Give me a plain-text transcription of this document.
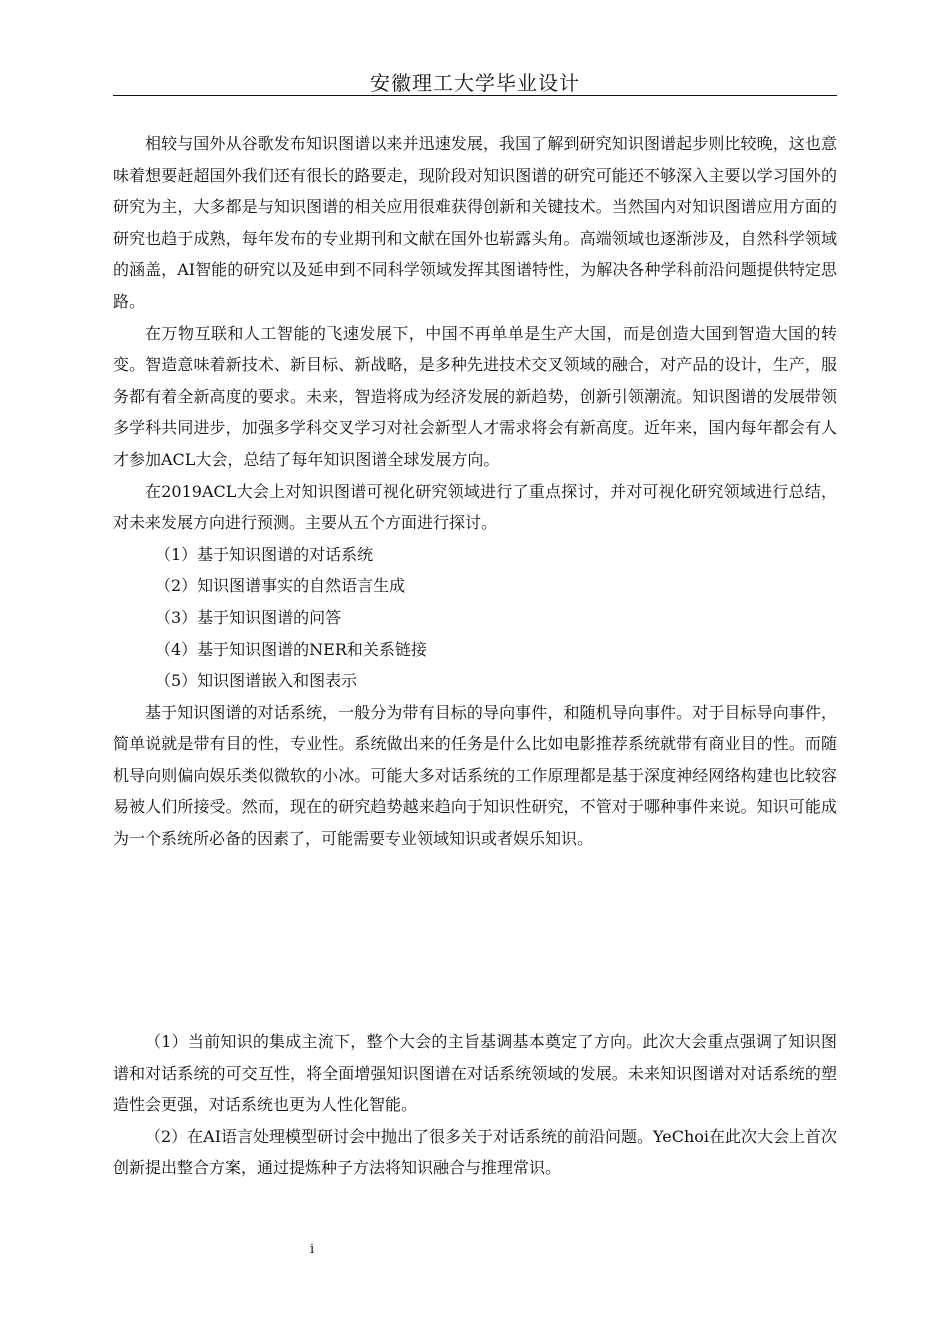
安徽理工大学毕业设计

相较与国外从谷歌发布知识图谱以来并迅速发展，我国了解到研究知识图谱起步则比较晚，这也意味着想要赶超国外我们还有很长的路要走，现阶段对知识图谱的研究可能还不够深入主要以学习国外的研究为主，大多都是与知识图谱的相关应用很难获得创新和关键技术。当然国内对知识图谱应用方面的研究也趋于成熟，每年发布的专业期刊和文献在国外也崭露头角。高端领域也逐渐涉及，自然科学领域的涵盖，AI智能的研究以及延申到不同科学领域发挥其图谱特性，为解决各种学科前沿问题提供特定思路。

在万物互联和人工智能的飞速发展下，中国不再单单是生产大国，而是创造大国到智造大国的转变。智造意味着新技术、新目标、新战略，是多种先进技术交叉领域的融合，对产品的设计，生产，服务都有着全新高度的要求。未来，智造将成为经济发展的新趋势，创新引领潮流。知识图谱的发展带领多学科共同进步，加强多学科交叉学习对社会新型人才需求将会有新高度。近年来，国内每年都会有人才参加ACL大会，总结了每年知识图谱全球发展方向。

在2019ACL大会上对知识图谱可视化研究领域进行了重点探讨，并对可视化研究领域进行总结，对未来发展方向进行预测。主要从五个方面进行探讨。

（1）基于知识图谱的对话系统

（2）知识图谱事实的自然语言生成

（3）基于知识图谱的问答

（4）基于知识图谱的NER和关系链接

（5）知识图谱嵌入和图表示

基于知识图谱的对话系统，一般分为带有目标的导向事件，和随机导向事件。对于目标导向事件，简单说就是带有目的性，专业性。系统做出来的任务是什么比如电影推荐系统就带有商业目的性。而随机导向则偏向娱乐类似微软的小冰。可能大多对话系统的工作原理都是基于深度神经网络构建也比较容易被人们所接受。然而，现在的研究趋势越来趋向于知识性研究，不管对于哪种事件来说。知识可能成为一个系统所必备的因素了，可能需要专业领域知识或者娱乐知识。

（1）当前知识的集成主流下，整个大会的主旨基调基本奠定了方向。此次大会重点强调了知识图谱和对话系统的可交互性，将全面增强知识图谱在对话系统领域的发展。未来知识图谱对对话系统的塑造性会更强，对话系统也更为人性化智能。

（2）在AI语言处理模型研讨会中抛出了很多关于对话系统的前沿问题。YeChoi在此次大会上首次创新提出整合方案，通过提炼种子方法将知识融合与推理常识。

i
